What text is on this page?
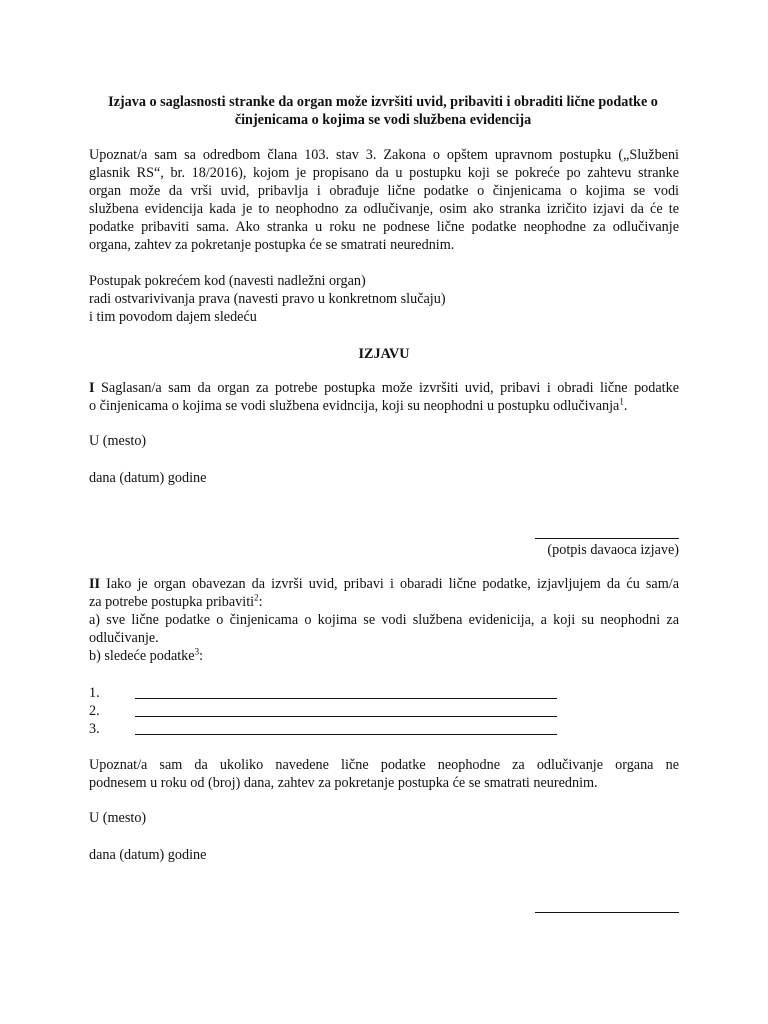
Izjava o saglasnosti stranke da organ može izvršiti uvid, pribaviti i obraditi lične podatke o
činjenicama o kojima se vodi službena evidencija
Upoznat/a sam sa odredbom člana 103. stav 3. Zakona o opštem upravnom postupku („Službeni
glasnik RS“, br. 18/2016), kojom je propisano da u postupku koji se pokreće po zahtevu stranke
organ može da vrši uvid, pribavlja i obrađuje lične podatke o činjenicama o kojima se vodi
službena evidencija kada je to neophodno za odlučivanje, osim ako stranka izričito izjavi da će te
podatke pribaviti sama. Ako stranka u roku ne podnese lične podatke neophodne za odlučivanje
organa, zahtev za pokretanje postupka će se smatrati neurednim.
Postupak pokrećem kod (navesti nadležni organ)
radi ostvarivivanja prava (navesti pravo u konkretnom slučaju)
i tim povodom dajem sledeću
IZJAVU
I Saglasan/a sam da organ za potrebe postupka može izvršiti uvid, pribavi i obradi lične podatke
o činjenicama o kojima se vodi službena evidncija, koji su neophodni u postupku odlučivanja$^1$.
U (mesto)
dana (datum) godine
(potpis davaoca izjave)
II Iako je organ obavezan da izvrši uvid, pribavi i obaradi lične podatke, izjavljujem da ću sam/a
za potrebe postupka pribaviti$^2$:
a) sve lične podatke o činjenicama o kojima se vodi službena evidenicija, a koji su neophodni za
odlučivanje.
b) sledeće podatke$^3$:
1.
2.
3.
Upoznat/a sam da ukoliko navedene lične podatke neophodne za odlučivanje organa ne
podnesem u roku od (broj) dana, zahtev za pokretanje postupka će se smatrati neurednim.
U (mesto)
dana (datum) godine
